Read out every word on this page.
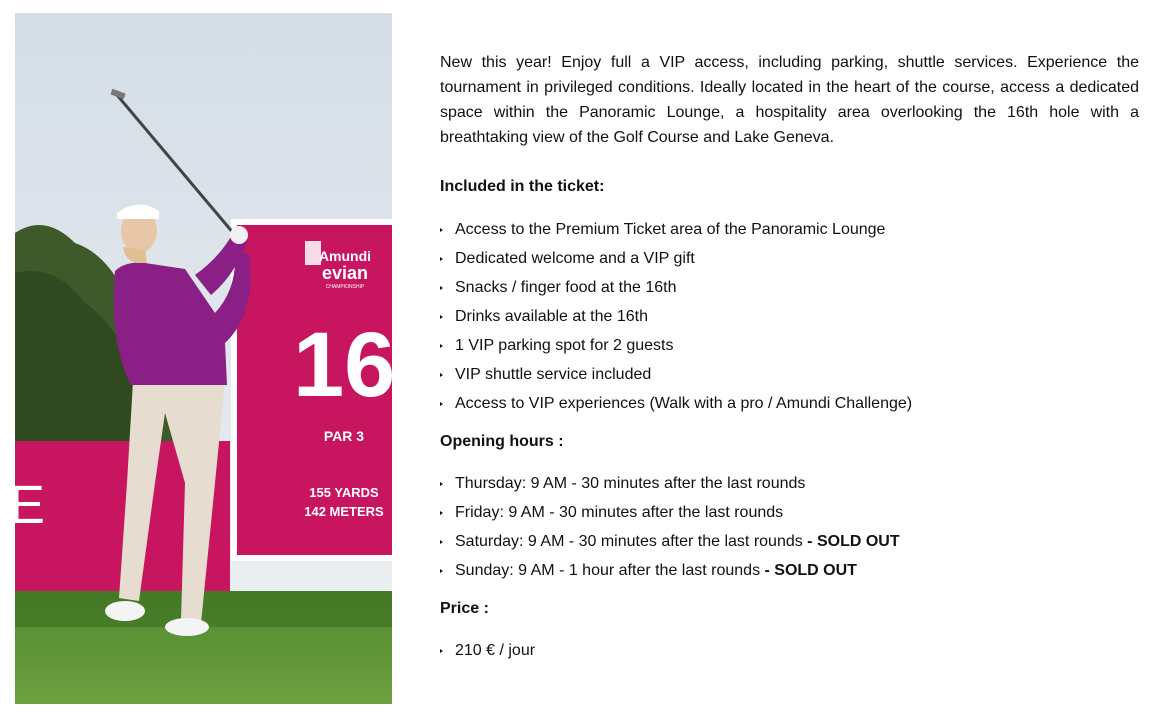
E
Amundi
evian
CHAMPIONSHIP
16
PAR 3
155 YARDS
142 METERS

New this year! Enjoy full a VIP access, including parking, shuttle services. Experience the tournament in privileged conditions. Ideally located in the heart of the course, access a dedicated space within the Panoramic Lounge, a hospitality area overlooking the 16th hole with a breathtaking view of the Golf Course and Lake Geneva.

Included in the ticket:

Access to the Premium Ticket area of the Panoramic Lounge
Dedicated welcome and a VIP gift
Snacks / finger food at the 16th
Drinks available at the 16th
1 VIP parking spot for 2 guests
VIP shuttle service included
Access to VIP experiences (Walk with a pro / Amundi Challenge)

Opening hours :

Thursday: 9 AM - 30 minutes after the last rounds
Friday: 9 AM - 30 minutes after the last rounds
Saturday: 9 AM - 30 minutes after the last rounds - SOLD OUT
Sunday: 9 AM - 1 hour after the last rounds - SOLD OUT

Price :

210 € / jour
